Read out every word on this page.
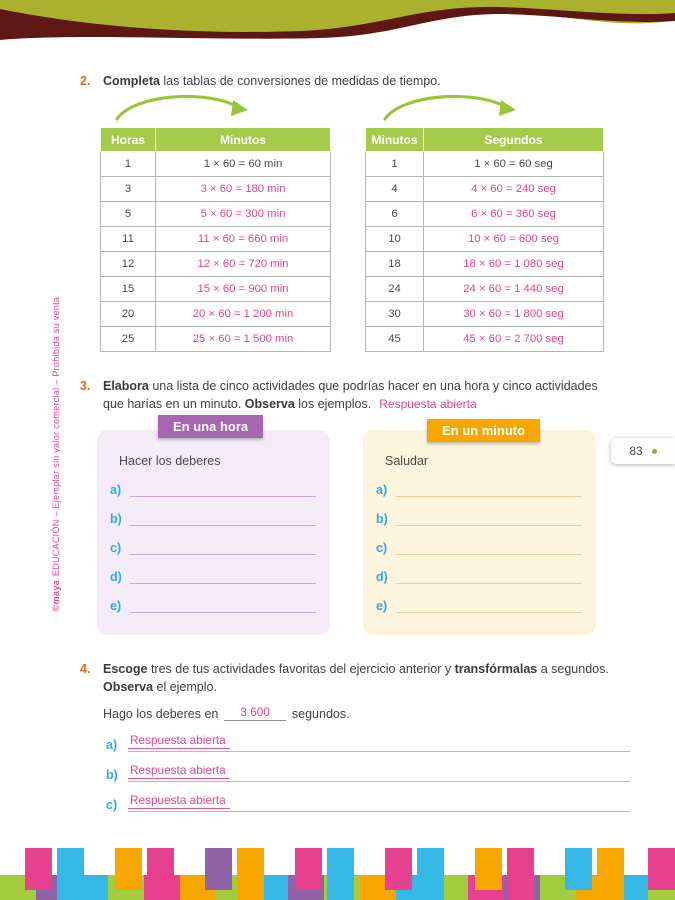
©mayaEDUCACIÓN – Ejemplar sin valor comercial – Prohibida su venta
2.	Completa las tablas de conversiones de medidas de tiempo.
Horas	Minutos
1	1 × 60 = 60 min
3	3 × 60 = 180 min
5	5 × 60 = 300 min
11	11 × 60 = 660 min
12	12 × 60 = 720 min
15	15 × 60 = 900 min
20	20 × 60 = 1 200 min
25	25 × 60 = 1 500 min
Minutos	Segundos
1	1 × 60 = 60 seg
4	4 × 60 = 240 seg
6	6 × 60 = 360 seg
10	10 × 60 = 600 seg
18	18 × 60 = 1 080 seg
24	24 × 60 = 1 440 seg
30	30 × 60 = 1 800 seg
45	45 × 60 = 2 700 seg
3.	Elabora una lista de cinco actividades que podrías hacer en una hora y cinco actividades que harías en un minuto. Observa los ejemplos. Respuesta abierta
En una hora
Hacer los deberes
a)
b)
c)
d)
e)
En un minuto
Saludar
a)
b)
c)
d)
e)
83
4.	Escoge tres de tus actividades favoritas del ejercicio anterior y transfórmalas a segundos. Observa el ejemplo.
Hago los deberes en	3 600	segundos.
a)	Respuesta abierta
b)	Respuesta abierta
c)	Respuesta abierta
